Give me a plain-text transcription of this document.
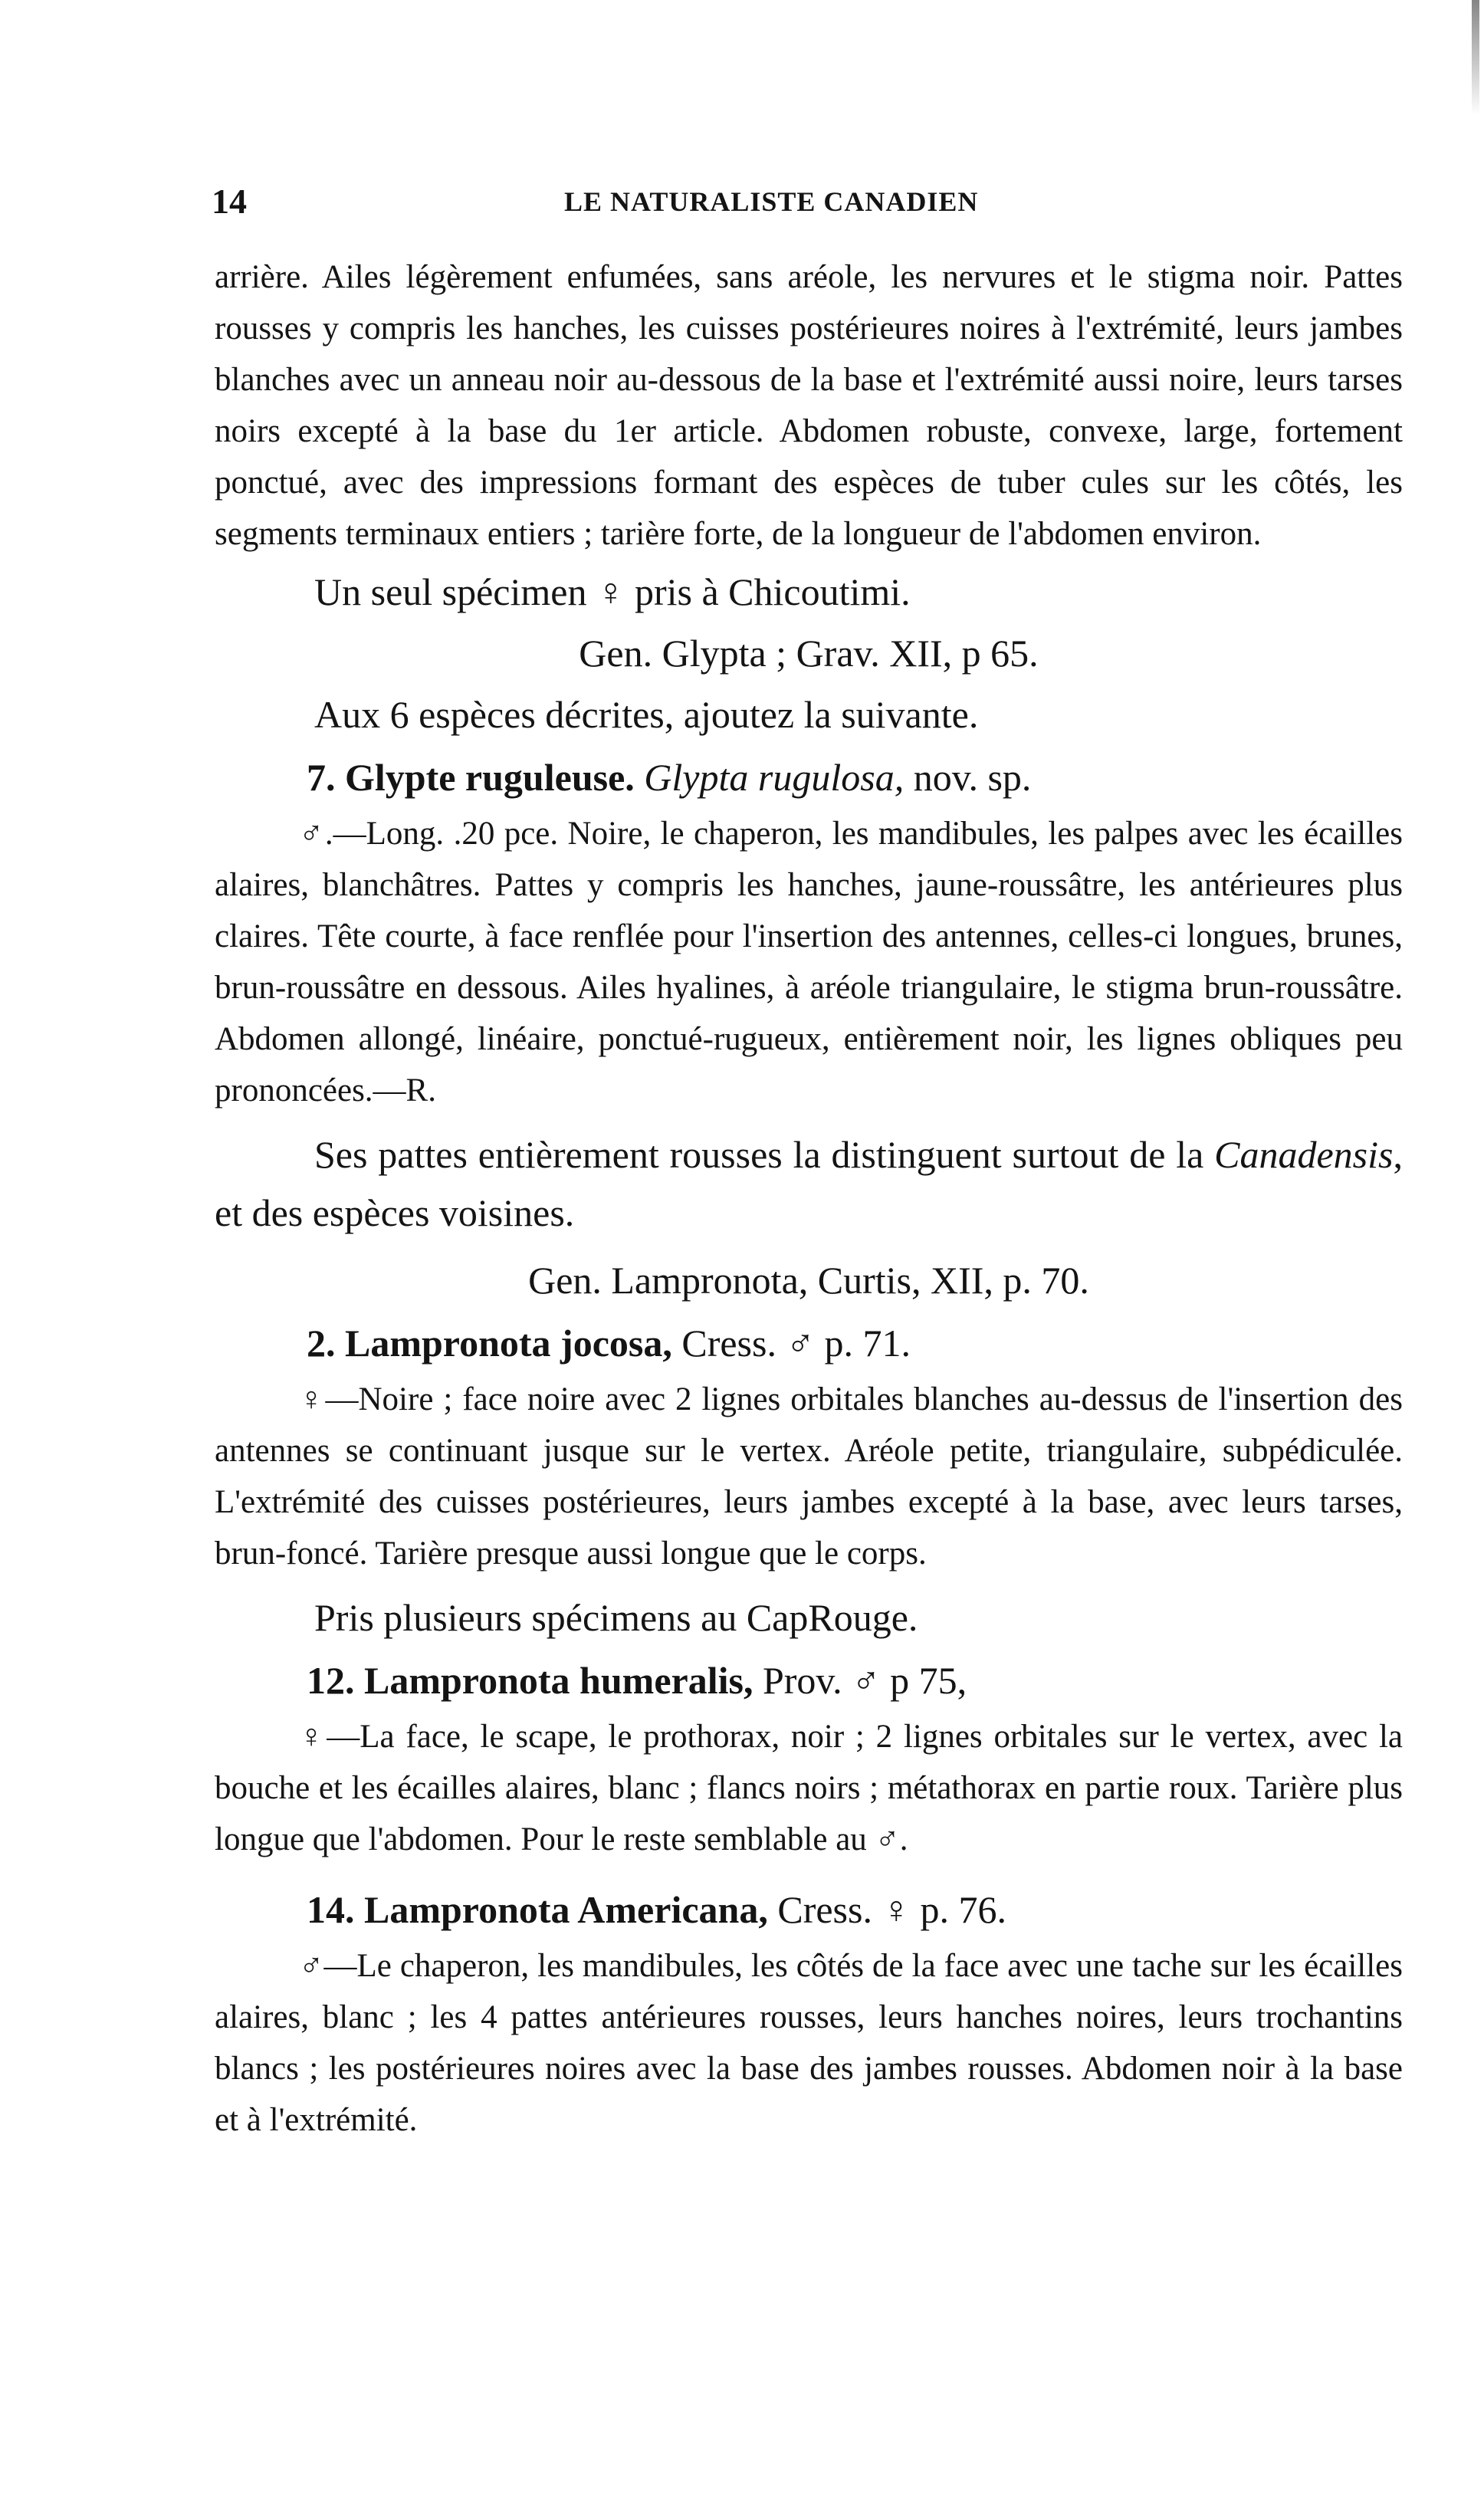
14	LE NATURALISTE CANADIEN

arrière. Ailes légèrement enfumées, sans aréole, les nervures et le stigma noir. Pattes rousses y compris les hanches, les cuisses postérieures noires à l'extrémité, leurs jambes blanches avec un anneau noir au-dessous de la base et l'extrémité aussi noire, leurs tarses noirs excepté à la base du 1er article. Abdomen robuste, convexe, large, fortement ponctué, avec des impressions formant des espèces de tuber cules sur les côtés, les segments terminaux entiers ; tarière forte, de la longueur de l'abdomen environ.

Un seul spécimen ♀ pris à Chicoutimi.

Gen. Glypta ; Grav. XII, p 65.

Aux 6 espèces décrites, ajoutez la suivante.

7. Glypte ruguleuse. Glypta rugulosa, nov. sp.

♂.—Long. .20 pce. Noire, le chaperon, les mandibules, les palpes avec les écailles alaires, blanchâtres. Pattes y compris les hanches, jaune-roussâtre, les antérieures plus claires. Tête courte, à face renflée pour l'insertion des antennes, celles-ci longues, brunes, brun-roussâtre en dessous. Ailes hyalines, à aréole triangulaire, le stigma brun-roussâtre. Abdomen allongé, linéaire, ponctué-rugueux, entièrement noir, les lignes obliques peu prononcées.—R.

Ses pattes entièrement rousses la distinguent surtout de la Canadensis, et des espèces voisines.

Gen. Lampronota, Curtis, XII, p. 70.

2. Lampronota jocosa, Cress. ♂ p. 71.

♀—Noire ; face noire avec 2 lignes orbitales blanches au-dessus de l'insertion des antennes se continuant jusque sur le vertex. Aréole petite, triangulaire, subpédiculée. L'extrémité des cuisses postérieures, leurs jambes excepté à la base, avec leurs tarses, brun-foncé. Tarière presque aussi longue que le corps.

Pris plusieurs spécimens au CapRouge.

12. Lampronota humeralis, Prov. ♂ p 75,

♀—La face, le scape, le prothorax, noir ; 2 lignes orbitales sur le vertex, avec la bouche et les écailles alaires, blanc ; flancs noirs ; métathorax en partie roux. Tarière plus longue que l'abdomen. Pour le reste semblable au ♂.

14. Lampronota Americana, Cress. ♀ p. 76.

♂—Le chaperon, les mandibules, les côtés de la face avec une tache sur les écailles alaires, blanc ; les 4 pattes antérieures rousses, leurs hanches noires, leurs trochantins blancs ; les postérieures noires avec la base des jambes rousses. Abdomen noir à la base et à l'extrémité.
